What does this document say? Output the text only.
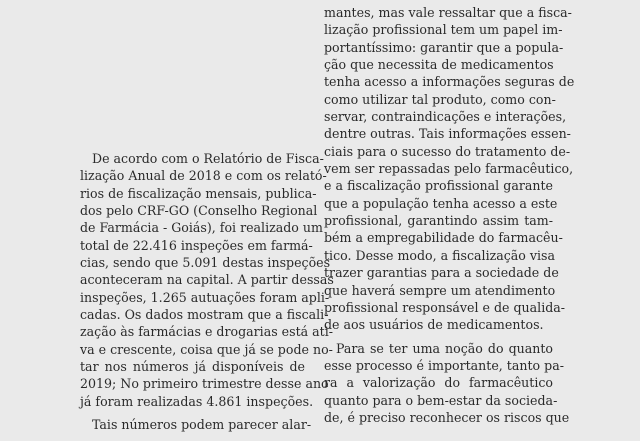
De acordo com o Relatório de Fisca-
lização Anual de 2018 e com os relató-
rios de fiscalização mensais, publica-
dos pelo CRF-GO (Conselho Regional
de Farmácia - Goiás), foi realizado um
total de 22.416 inspeções em farmá-
cias, sendo que 5.091 destas inspeções
aconteceram na capital. A partir dessas
inspeções, 1.265 autuações foram apli-
cadas. Os dados mostram que a fiscali-
zação às farmácias e drogarias está ati-
va e crescente, coisa que já se pode no-
tar nos números já disponíveis de
2019; No primeiro trimestre desse ano
já foram realizadas 4.861 inspeções.
Tais números podem parecer alar-
mantes, mas vale ressaltar que a fisca-
lização profissional tem um papel im-
portantíssimo: garantir que a popula-
ção que necessita de medicamentos
tenha acesso a informações seguras de
como utilizar tal produto, como con-
servar, contraindicações e interações,
dentre outras. Tais informações essen-
ciais para o sucesso do tratamento de-
vem ser repassadas pelo farmacêutico,
e a fiscalização profissional garante
que a população tenha acesso a este
profissional, garantindo assim tam-
bém a empregabilidade do farmacêu-
tico. Desse modo, a fiscalização visa
trazer garantias para a sociedade de
que haverá sempre um atendimento
profissional responsável e de qualida-
de aos usuários de medicamentos.
Para se ter uma noção do quanto
esse processo é importante, tanto pa-
ra a valorização do farmacêutico
quanto para o bem-estar da socieda-
de, é preciso reconhecer os riscos que
